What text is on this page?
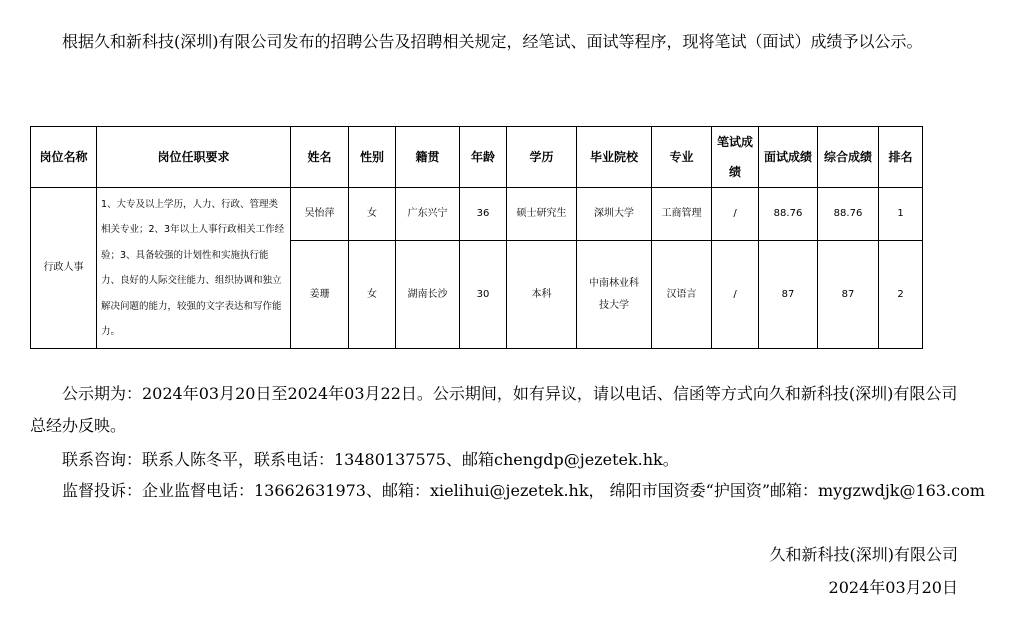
根据久和新科技(深圳)有限公司发布的招聘公告及招聘相关规定，经笔试、面试等程序，现将笔试（面试）成绩予以公示。

岗位名称	岗位任职要求	姓名	性别	籍贯	年龄	学历	毕业院校	专业	笔试成绩	面试成绩	综合成绩	排名
行政人事	1、大专及以上学历，人力、行政、管理类相关专业；2、3年以上人事行政相关工作经验；3、具备较强的计划性和实施执行能力、良好的人际交往能力、组织协调和独立解决问题的能力，较强的文字表达和写作能力。	吴怡萍	女	广东兴宁	36	硕士研究生	深圳大学	工商管理	/	88.76	88.76	1
		姜珊	女	湖南长沙	30	本科	中南林业科技大学	汉语言	/	87	87	2

公示期为：2024年03月20日至2024年03月22日。公示期间，如有异议，请以电话、信函等方式向久和新科技(深圳)有限公司 总经办反映。

联系咨询：联系人陈冬平，联系电话：13480137575、邮箱chengdp@jezetek.hk。
监督投诉：企业监督电话：13662631973、邮箱：xielihui@jezetek.hk， 绵阳市国资委“护国资”邮箱：mygzwdjk@163.com
久和新科技(深圳)有限公司
2024年03月20日
